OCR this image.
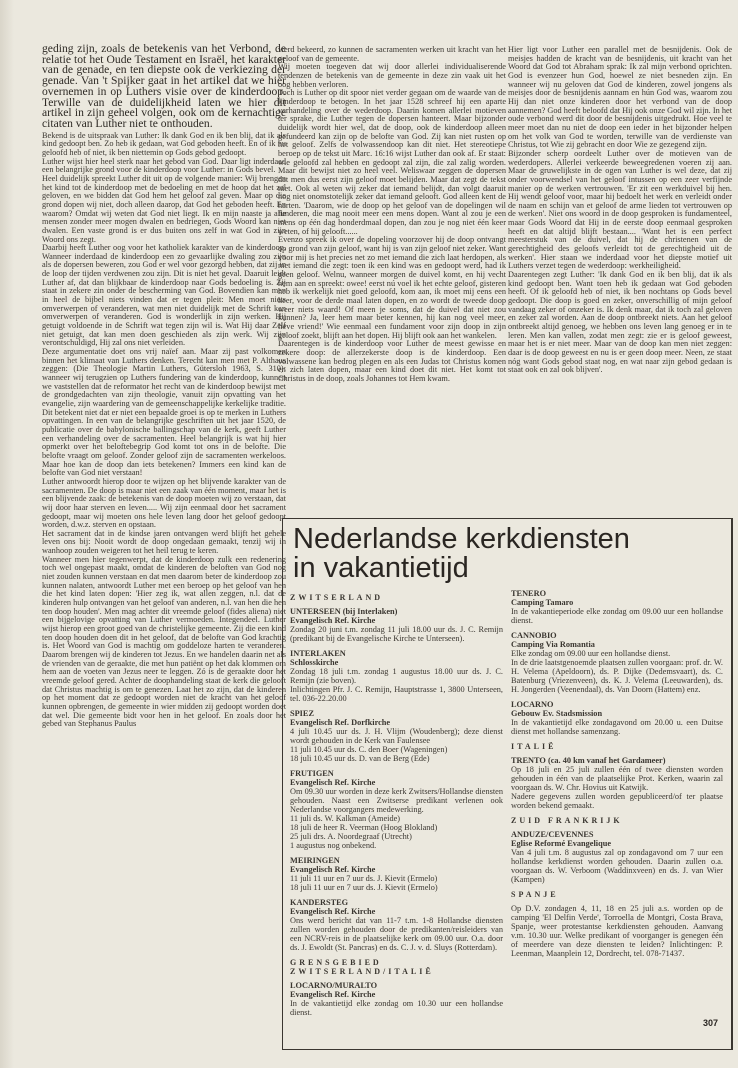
geding zijn, zoals de betekenis van het Verbond, de relatie tot het Oude Testament en Israël, het karakter van de genade, en ten diepste ook de verkiezing der genade. Van 't Spijker gaat in het artikel dat we hier overnemen in op Luthers visie over de kinderdoop. Terwille van de duidelijkheid laten we hier dit artikel in zijn geheel volgen, ook om de kernachtige citaten van Luther niet te onthouden.

Bekend is de uitspraak van Luther: Ik dank God en ik ben blij, dat ik als kind gedoopt ben. Zo heb ik gedaan, wat God geboden heeft. En of ik nu geloofd heb of niet, ik ben niettemin op Gods gebod gedoopt.

Luther wijst hier heel sterk naar het gebod van God. Daar ligt inderdaad een belangrijke grond voor de kinderdoop voor Luther: in Gods bevel.

Heel duidelijk spreekt Luther dit uit op de volgende manier: Wij brengen het kind tot de kinderdoop met de bedoeling en met de hoop dat het zal geloven, en we bidden dat God hem het geloof zal geven. Maar op die grond dopen wij niet, doch alleen daarop, dat God het geboden heeft. En waarom? Omdat wij weten dat God niet liegt. Ik en mijn naaste ja alle mensen zonder meer mogen dwalen en bedriegen, Gods Woord kan niet dwalen. Een vaste grond is er dus buiten ons zelf in wat God in zijn Woord ons zegt.

Daarbij heeft Luther oog voor het katholiek karakter van de kinderdoop. Wanneer inderdaad de kinderdoop een zo gevaarlijke dwaling zou zijn als de dopersen beweren, zou God er wel voor gezorgd hebben, dat zij in de loop der tijden verdwenen zou zijn. Dit is niet het geval. Daaruit leidt Luther af, dat dan blijkbaar de kinderdoop naar Gods bedoeling is. Zij staat in zekere zin onder de bescherming van God. Bovendien kan men in heel de bijbel niets vinden dat er tegen pleit: Men moet niets omverwerpen of veranderen, wat men niet duidelijk met de Schrift kan omverwerpen of veranderen. God is wonderlijk in zijn werken. Hij getuigt voldoende in de Schrift wat tegen zijn wil is. Wat Hij daar Zelf niet getuigt, dat kan men doen geschieden als zijn werk. Wij zijn verontschuldigd, Hij zal ons niet verleiden.

Deze argumentatie doet ons vrij naïef aan. Maar zij past volkomen binnen het klimaat van Luthers denken. Terecht kan men met P. Althaus zeggen: (Die Theologie Martin Luthers, Gütersloh 1963, S. 310): wanneer wij terugzien op Luthers fundering van de kinderdoop, kunnen we vaststellen dat de reformator het recht van de kinderdoop bewijst met de grondgedachten van zijn theologie, vanuit zijn opvatting van het evangelie, zijn waardering van de gemeenschappelijke kerkelijke traditie.

Dit betekent niet dat er niet een bepaalde groei is op te merken in Luthers opvattingen. In een van de belangrijke geschriften uit het jaar 1520, de publicatie over de babylonische ballingschap van de kerk, geeft Luther een verhandeling over de sacramenten. Heel belangrijk is wat hij hier opmerkt over het beloftebegrip God komt tot ons in de belofte. Die belofte vraagt om geloof. Zonder geloof zijn de sacramenten werkeloos. Maar hoe kan de doop dan iets betekenen? Immers een kind kan de belofte van God niet verstaan!

Luther antwoordt hierop door te wijzen op het blijvende karakter van de sacramenten. De doop is maar niet een zaak van één moment, maar het is een blijvende zaak: de betekenis van de doop moeten wij zo verstaan, dat wij door haar sterven en leven..... Wij zijn eenmaal door het sacrament gedoopt, maar wij moeten ons hele leven lang door het geloof gedoopt worden, d.w.z. sterven en opstaan.

Het sacrament dat in de kindse jaren ontvangen werd blijft het gehele leven ons bij: Nooit wordt de doop ongedaan gemaakt, tenzij wij in wanhoop zouden weigeren tot het heil terug te keren.

Wanneer men hier tegenwerpt, dat de kinderdoop zulk een redenering toch wel ongepast maakt, omdat de kinderen de beloften van God nog niet zouden kunnen verstaan en dat men daarom beter de kinderdoop zou kunnen nalaten, antwoordt Luther met een beroep op het geloof van hen die het kind laten dopen: 'Hier zeg ik, wat allen zeggen, n.l. dat de kinderen hulp ontvangen van het geloof van anderen, n.l. van hen die hen ten doop houden'. Men mag achter dit vreemde geloof (fides aliena) niet een bijgelovige opvatting van Luther vermoeden. Integendeel. Luther wijst hierop een groot goed van de christelijke gemeente. Zij die een kind ten doop houden doen dit in het geloof, dat de belofte van God krachtig is. Het Woord van God is machtig om goddeloze harten te veranderen. Daarom brengen wij de kinderen tot Jezus. En we handelen daarin net als de vrienden van de geraakte, die met hun patiënt op het dak klommen om hem aan de voeten van Jezus neer te leggen. Zó is de geraakte door het vreemde geloof gered. Achter de doophandeling staat de kerk die gelooft dat Christus machtig is om te genezen. Laat het zo zijn, dat de kinderen op het moment dat ze gedoopt worden niet de kracht van het geloof kunnen opbrengen, de gemeente in wier midden zij gedoopt worden doet dat wel. Die gemeente bidt voor hen in het geloof. En zoals door het gebed van Stephanus Paulus

werd bekeerd, zo kunnen de sacramenten werken uit kracht van het geloof van de gemeente.

Wij moeten toegeven dat wij door allerlei individualiserende tendenzen de betekenis van de gemeente in deze zin vaak uit het oog hebben verloren.

Toch is Luther op dit spoor niet verder gegaan om de waarde van de kinderdoop te betogen. In het jaar 1528 schreef hij een aparte verhandeling over de wederdoop. Daarin komen allerlei motieven ter sprake, die Luther tegen de dopersen hanteert. Maar bijzonder duidelijk wordt hier wel, dat de doop, ook de kinderdoop alleen gefundeerd kan zijn op de belofte van God. Zij kan niet rusten op het geloof. Zelfs de volwassendoop kan dit niet. Het stereotiepe beroep op de tekst uit Marc. 16:16 wijst Luther dan ook af. Er staat: wie geloofd zal hebben en gedoopt zal zijn, die zal zalig worden. Maar dit bewijst niet zo heel veel. Weliswaar zeggen de dopersen dat men dus eerst zijn geloof moet belijden. Maar dat zegt de tekst niet. Ook al weten wij zeker dat iemand belijdt, dan volgt daaruit nog niet onomstotelijk zeker dat iemand gelooft. God alleen kent de harten. 'Daarom, wie de doop op het geloof van de dopelingen wil funderen, die mag nooit meer een mens dopen. Want al zou je een mens op één dag honderdmaal dopen, dan zou je nog niet één keer weten, of hij gelooft......

Evenzo spreek ik over de dopeling voorzover hij de doop ontvangt op grond van zijn geloof, want hij is van zijn geloof niet zeker. Want voor mij is het precies net zo met iemand die zich laat herdopen, als met iemand die zegt: toen ik een kind was en gedoopt werd, had ik geen geloof. Welnu, wanneer morgen de duivel komt, en hij vecht hem aan en spreekt: owee! eerst nú voel ik het echte geloof, gisteren heb ik werkelijk niet goed geloofd, kom aan, ik moet mij eens een keer, voor de derde maal laten dopen, en zo wordt de tweede doop weer niets waard! Of meen je soms, dat de duivel dat niet zou kunnen? Ja, leer hem maar beter kennen, hij kan nog veel meer, lieve vriend!' Wie eenmaal een fundament voor zijn doop in zijn geloof zoekt, blijft aan het dopen. Hij blijft ook aan het wankelen.

Daarentegen is de kinderdoop voor Luther de meest gewisse en zekere doop: de allerzekerste doop is de kinderdoop. Een volwassene kan bedrog plegen en als een Judas tot Christus komen en zich laten dopen, maar een kind doet dit niet. Het komt tot Christus in de doop, zoals Johannes tot Hem kwam.

Hier ligt voor Luther een parallel met de besnijdenis. Ook de meisjes hadden de kracht van de besnijdenis, uit kracht van het Woord dat God tot Abraham sprak: Ik zal mijn verbond oprichten. God is evenzeer hun God, hoewel ze niet besneden zijn. En wanneer wij nu geloven dat God de kinderen, zowel jongens als meisjes door de besnijdenis aannam en hún God was, waarom zou Hij dan niet onze kinderen door het verbond van de doop aannemen? God heeft beloofd dat Hij ook onze God wil zijn. In het oude verbond werd dit door de besnijdenis uitgedrukt. Hoe veel te meer moet dan nu niet de doop een ieder in het bijzonder helpen om het volk van God te worden, terwille van de verdienste van Christus, tot Wie zij gebracht en door Wie ze gezegend zijn.

Bijzonder scherp oordeelt Luther over de motieven van de wederdopers. Allerlei verkeerde beweegredenen voeren zij aan. Maar de gruwelijkste in de ogen van Luther is wel deze, dat zij onder voorwendsel van het geloof intussen op een zeer verfijnde manier op de werken vertrouwen. 'Er zit een werkduivel bij hen. Hij wendt geloof voor, maar hij bedoelt het werk en verleidt onder de naam en schijn van et geloof de arme lieden tot vertrouwen op de werken'. Niet ons woord in de doop gesproken is fundamenteel, maar Gods Woord dat Hij in de eerste doop eenmaal gesproken heeft en dat altijd blijft bestaan.... 'Want het is een perfect meesterstuk van de duivel, dat hij de christenen van de gerechtigheid des geloofs verleidt tot de gerechtigheid uit de werken'. Hier staan we inderdaad voor het diepste motief uit Luthers verzet tegen de wederdoop: werkheiligheid.

Daarentegen zegt Luther: 'Ik dank God en ik ben blij, dat ik als kind gedoopt ben. Want toen heb ik gedaan wat God geboden heeft. Of ik geloofd heb of niet, ik ben nochtans op Gods bevel gedoopt. Die doop is goed en zeker, onverschillig of mijn geloof vandaag zeker of onzeker is. Ik denk maar, dat ik toch zal geloven en zeker zal worden. Aan de doop ontbreekt niets. Aan het geloof ontbreekt altijd genoeg, we hebben ons leven lang genoeg er in te leren. Men kan vallen, zodat men zegt: zie er is geloof geweest, maar het is er niet meer. Maar van de doop kan men niet zeggen: daar is de doop geweest en nu is er geen doop meer. Neen, ze staat nóg want Gods gebod staat nog, en wat naar zijn gebod gedaan is staat ook en zal ook blijven'.

Nederlandse kerkdiensten
in vakantietijd
ZWITSERLAND
UNTERSEEN (bij Interlaken)
Evangelisch Ref. Kirche
Zondag 20 juni t.m. zondag 11 juli 18.00 uur ds. J. C. Remijn (predikant bij de Evangelische Kirche te Unterseen).
INTERLAKEN
Schlosskirche
Zondag 18 juli t.m. zondag 1 augustus 18.00 uur ds. J. C. Remijn (zie boven).
Inlichtingen Pfr. J. C. Remijn, Hauptstrasse 1, 3800 Unterseen, tel. 036-22.20.00
SPIEZ
Evangelisch Ref. Dorfkirche
4 juli 10.45 uur ds. J. H. Vlijm (Woudenberg); deze dienst wordt gehouden in de Kerk van Faulensee
11 juli 10.45 uur ds. C. den Boer (Wageningen)
18 juli 10.45 uur ds. D. van de Berg (Ede)
FRUTIGEN
Evangelisch Ref. Kirche
Om 09.30 uur worden in deze kerk Zwitsers/Hollandse diensten gehouden. Naast een Zwitserse predikant verlenen ook Nederlandse voorgangers medewerking.
11 juli ds. W. Kalkman (Ameide)
18 juli de heer R. Veerman (Hoog Blokland)
25 juli drs. A. Noordegraaf (Utrecht)
1 augustus nog onbekend.
MEIRINGEN
Evangelisch Ref. Kirche
11 juli 11 uur en 7 uur ds. J. Kievit (Ermelo)
18 juli 11 uur en 7 uur ds. J. Kievit (Ermelo)
KANDERSTEG
Evangelisch Ref. Kirche
Ons werd bericht dat van 11-7 t.m. 1-8 Hollandse diensten zullen worden gehouden door de predikanten/reisleiders van een NCRV-reis in de plaatselijke kerk om 09.00 uur. O.a. door ds. J. Ewoldt (St. Pancras) en ds. C. J. v. d. Sluys (Rotterdam).
GRENSGEBIED ZWITSERLAND/ITALIË
LOCARNO/MURALTO
Evangelisch Ref. Kirche
In de vakantietijd elke zondag om 10.30 uur een hollandse dienst.
TENERO
Camping Tamaro
In de vakantieperiode elke zondag om 09.00 uur een hollandse dienst.
CANNOBIO
Camping Via Romantia
Elke zondag om 09.00 uur een hollandse dienst.
In de drie laatstgenoemde plaatsen zullen voorgaan: prof. dr. W. H. Velema (Apeldoorn), ds. P. Dijke (Dedemsvaart), ds. C. Batenburg (Vriezenveen), ds. K. J. Velema (Leeuwarden), ds. H. Jongerden (Veenendaal), ds. Van Doorn (Hattem) enz.
LOCARNO
Gebouw Ev. Stadsmission
In de vakantietijd elke zondagavond om 20.00 u. een Duitse dienst met hollandse samenzang.
ITALIË
TRENTO (ca. 40 km vanaf het Gardameer)
Op 18 juli en 25 juli zullen één of twee diensten worden gehouden in één van de plaatselijke Prot. Kerken, waarin zal voorgaan ds. W. Chr. Hovius uit Katwijk.
Nadere gegevens zullen worden gepubliceerd/of ter plaatse worden bekend gemaakt.
ZUID FRANKRIJK
ANDUZE/CEVENNES
Eglise Reformé Evangelique
Van 4 juli t.m. 8 augustus zal op zondagavond om 7 uur een hollandse kerkdienst worden gehouden. Daarin zullen o.a. voorgaan ds. W. Verboom (Waddinxveen) en ds. J. van Wier (Kampen)
SPANJE
Op D.V. zondagen 4, 11, 18 en 25 juli a.s. worden op de camping 'El Delfin Verde', Torroella de Montgri, Costa Brava, Spanje, weer protestantse kerkdiensten gehouden. Aanvang v.m. 10.30 uur. Welke predikant of voorganger is genegen één of meerdere van deze diensten te leiden? Inlichtingen: P. Leenman, Maanplein 12, Dordrecht, tel. 078-71437.
307
